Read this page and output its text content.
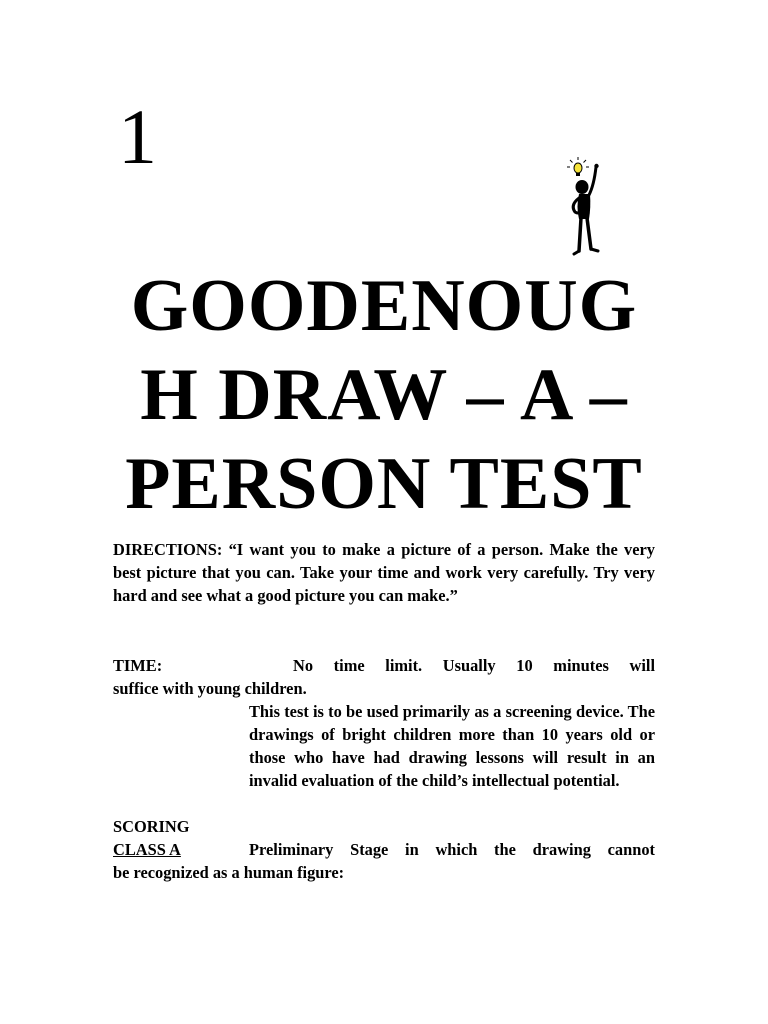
1
GOODENOUG
H DRAW – A –
PERSON TEST
DIRECTIONS: “I want you to make a picture of a person. Make the very best picture that you can. Take your time and work very carefully. Try very hard and see what a good picture you can make.”
TIME:	No time limit. Usually 10 minutes will
suffice with young children.
This test is to be used primarily as a screening device. The drawings of bright children more than 10 years old or those who have had drawing lessons will result in an invalid evaluation of the child’s intellectual potential.
SCORING
CLASS A	Preliminary Stage in which the drawing cannot
be recognized as a human figure:
